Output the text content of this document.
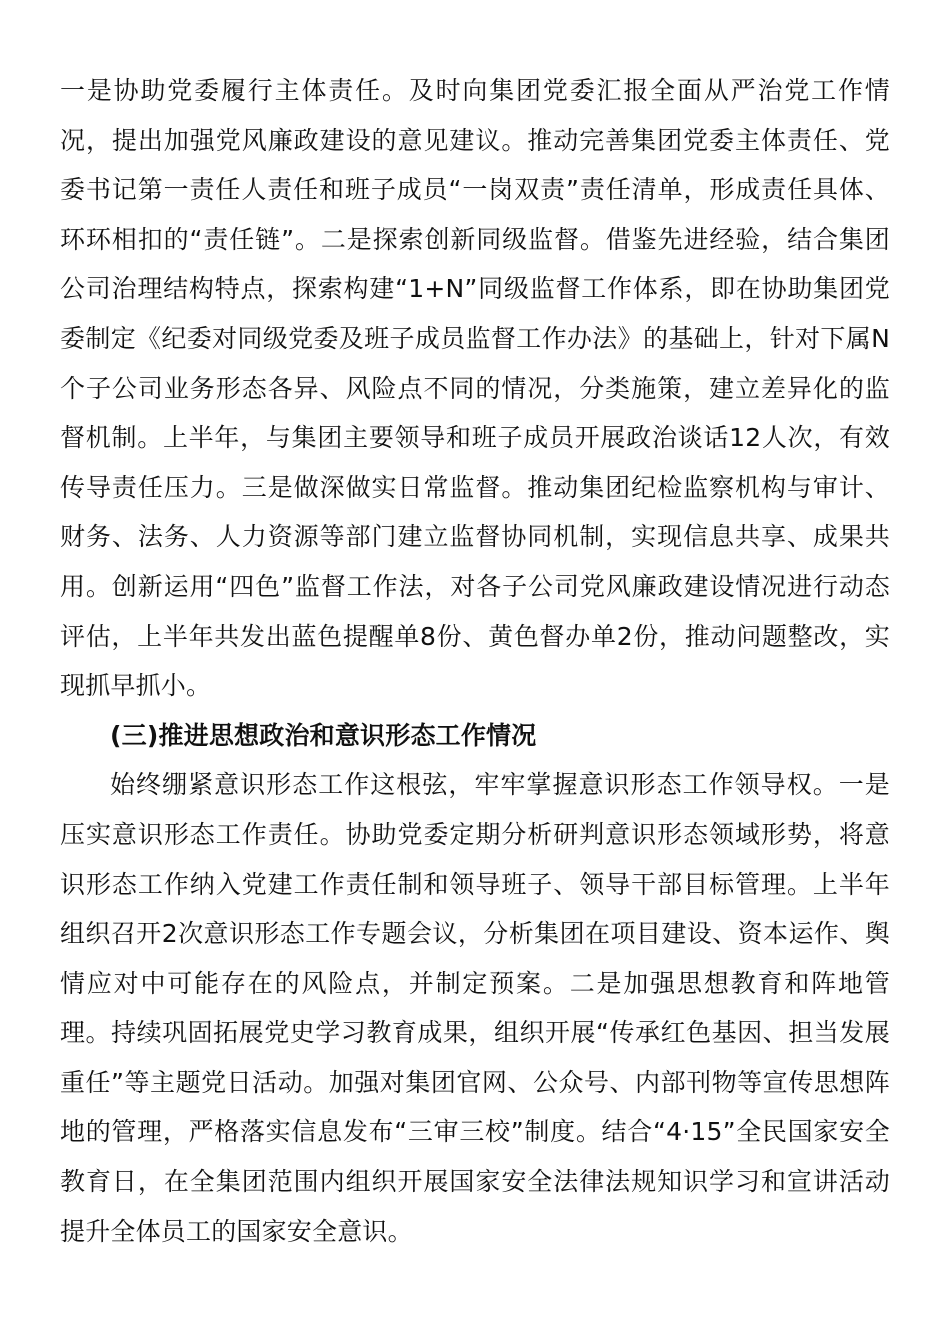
一是协助党委履行主体责任。及时向集团党委汇报全面从严治党工作情况，提出加强党风廉政建设的意见建议。推动完善集团党委主体责任、党委书记第一责任人责任和班子成员“一岗双责”责任清单，形成责任具体、环环相扣的“责任链”。二是探索创新同级监督。借鉴先进经验，结合集团公司治理结构特点，探索构建“1+N”同级监督工作体系，即在协助集团党委制定《纪委对同级党委及班子成员监督工作办法》的基础上，针对下属N个子公司业务形态各异、风险点不同的情况，分类施策，建立差异化的监督机制。上半年，与集团主要领导和班子成员开展政治谈话12人次，有效传导责任压力。三是做深做实日常监督。推动集团纪检监察机构与审计、财务、法务、人力资源等部门建立监督协同机制，实现信息共享、成果共用。创新运用“四色”监督工作法，对各子公司党风廉政建设情况进行动态评估，上半年共发出蓝色提醒单8份、黄色督办单2份，推动问题整改，实现抓早抓小。

(三)推进思想政治和意识形态工作情况

始终绷紧意识形态工作这根弦，牢牢掌握意识形态工作领导权。一是压实意识形态工作责任。协助党委定期分析研判意识形态领域形势，将意识形态工作纳入党建工作责任制和领导班子、领导干部目标管理。上半年组织召开2次意识形态工作专题会议，分析集团在项目建设、资本运作、舆情应对中可能存在的风险点，并制定预案。二是加强思想教育和阵地管理。持续巩固拓展党史学习教育成果，组织开展“传承红色基因、担当发展重任”等主题党日活动。加强对集团官网、公众号、内部刊物等宣传思想阵地的管理，严格落实信息发布“三审三校”制度。结合“4·15”全民国家安全教育日，在全集团范围内组织开展国家安全法律法规知识学习和宣讲活动提升全体员工的国家安全意识。
